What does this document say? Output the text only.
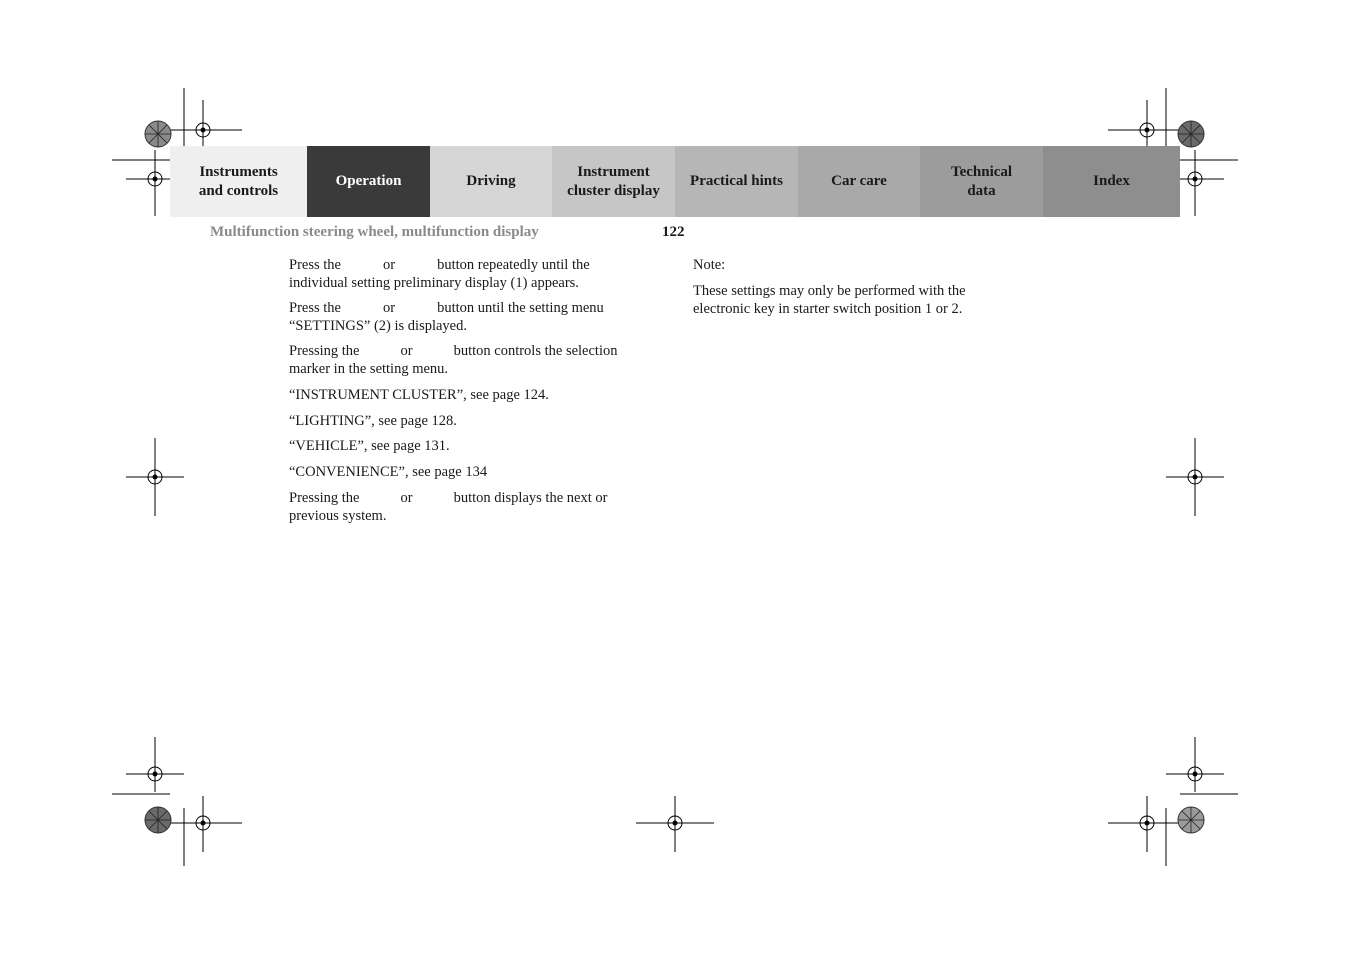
Instruments
and controls
Operation	Driving
Instrument
cluster display
Practical hints	Car care
Technical
data
Index
Multifunction steering wheel, multifunction display	122

Press the	or	button repeatedly until the
individual setting preliminary display (1) appears.

Press the	or	button until the setting menu
“SETTINGS” (2) is displayed.

Pressing the	or	button controls the selection
marker in the setting menu.

“INSTRUMENT CLUSTER”, see page 124.

“LIGHTING”, see page 128.

“VEHICLE”, see page 131.

“CONVENIENCE”, see page 134

Pressing the	or	button displays the next or
previous system.

Note:

These settings may only be performed with the
electronic key in starter switch position 1 or 2.
